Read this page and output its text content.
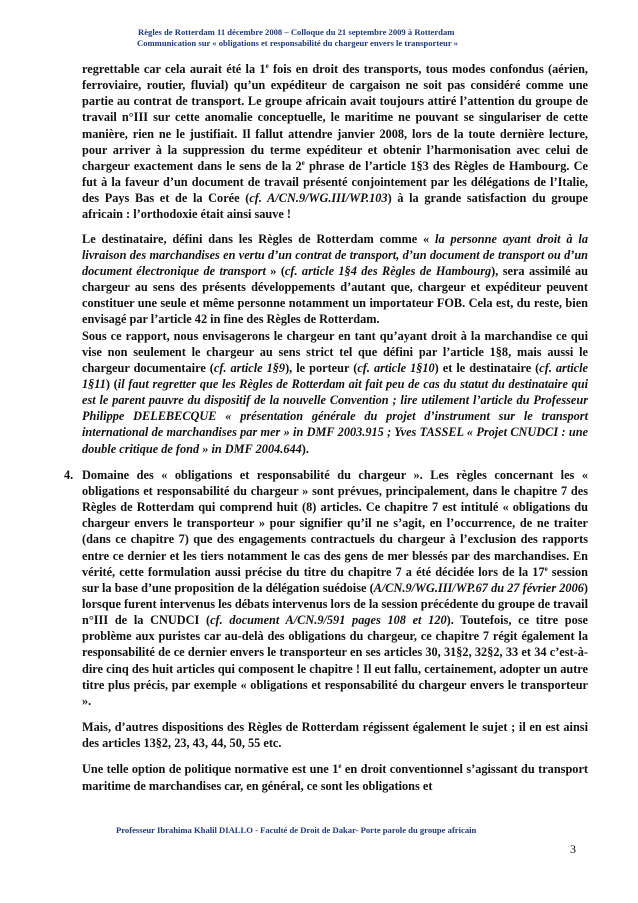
Règles de Rotterdam 11 décembre 2008 – Colloque du 21 septembre 2009 à Rotterdam
Communication sur « obligations et responsabilité du chargeur envers le transporteur »

regrettable car cela aurait été la 1e fois en droit des transports, tous modes confondus (aérien, ferroviaire, routier, fluvial) qu’un expéditeur de cargaison ne soit pas considéré comme une partie au contrat de transport. Le groupe africain avait toujours attiré l’attention du groupe de travail n°III sur cette anomalie conceptuelle, le maritime ne pouvant se singulariser de cette manière, rien ne le justifiait. Il fallut attendre janvier 2008, lors de la toute dernière lecture, pour arriver à la suppression du terme expéditeur et obtenir l’harmonisation avec celui de chargeur exactement dans le sens de la 2e phrase de l’article 1§3 des Règles de Hambourg. Ce fut à la faveur d’un document de travail présenté conjointement par les délégations de l’Italie, des Pays Bas et de la Corée (cf. A/CN.9/WG.III/WP.103) à la grande satisfaction du groupe africain : l’orthodoxie était ainsi sauve !

Le destinataire, défini dans les Règles de Rotterdam comme « la personne ayant droit à la livraison des marchandises en vertu d’un contrat de transport, d’un document de transport ou d’un document électronique de transport » (cf. article 1§4 des Règles de Hambourg), sera assimilé au chargeur au sens des présents développements d’autant que, chargeur et expéditeur peuvent constituer une seule et même personne notamment un importateur FOB. Cela est, du reste, bien envisagé par l’article 42 in fine des Règles de Rotterdam.

Sous ce rapport, nous envisagerons le chargeur en tant qu’ayant droit à la marchandise ce qui vise non seulement le chargeur au sens strict tel que défini par l’article 1§8, mais aussi le chargeur documentaire (cf. article 1§9), le porteur (cf. article 1§10) et le destinataire (cf. article 1§11) (il faut regretter que les Règles de Rotterdam ait fait peu de cas du statut du destinataire qui est le parent pauvre du dispositif de la nouvelle Convention ; lire utilement l’article du Professeur Philippe DELEBECQUE « présentation générale du projet d’instrument sur le transport international de marchandises par mer » in DMF 2003.915 ; Yves TASSEL « Projet CNUDCI : une double critique de fond » in DMF 2004.644).

4. Domaine des « obligations et responsabilité du chargeur ». Les règles concernant les « obligations et responsabilité du chargeur » sont prévues, principalement, dans le chapitre 7 des Règles de Rotterdam qui comprend huit (8) articles. Ce chapitre 7 est intitulé « obligations du chargeur envers le transporteur » pour signifier qu’il ne s’agit, en l’occurrence, de ne traiter (dans ce chapitre 7) que des engagements contractuels du chargeur à l’exclusion des rapports entre ce dernier et les tiers notamment le cas des gens de mer blessés par des marchandises. En vérité, cette formulation aussi précise du titre du chapitre 7 a été décidée lors de la 17e session sur la base d’une proposition de la délégation suédoise (A/CN.9/WG.III/WP.67 du 27 février 2006) lorsque furent intervenus les débats intervenus lors de la session précédente du groupe de travail n°III de la CNUDCI (cf. document A/CN.9/591 pages 108 et 120). Toutefois, ce titre pose problème aux puristes car au-delà des obligations du chargeur, ce chapitre 7 régit également la responsabilité de ce dernier envers le transporteur en ses articles 30, 31§2, 32§2, 33 et 34 c’est-à-dire cinq des huit articles qui composent le chapitre ! Il eut fallu, certainement, adopter un autre titre plus précis, par exemple « obligations et responsabilité du chargeur envers le transporteur ».

Mais, d’autres dispositions des Règles de Rotterdam régissent également le sujet ; il en est ainsi des articles 13§2, 23, 43, 44, 50, 55 etc.

Une telle option de politique normative est une 1e en droit conventionnel s’agissant du transport maritime de marchandises car, en général, ce sont les obligations et

Professeur Ibrahima Khalil DIALLO - Faculté de Droit de Dakar- Porte parole du groupe africain
3
